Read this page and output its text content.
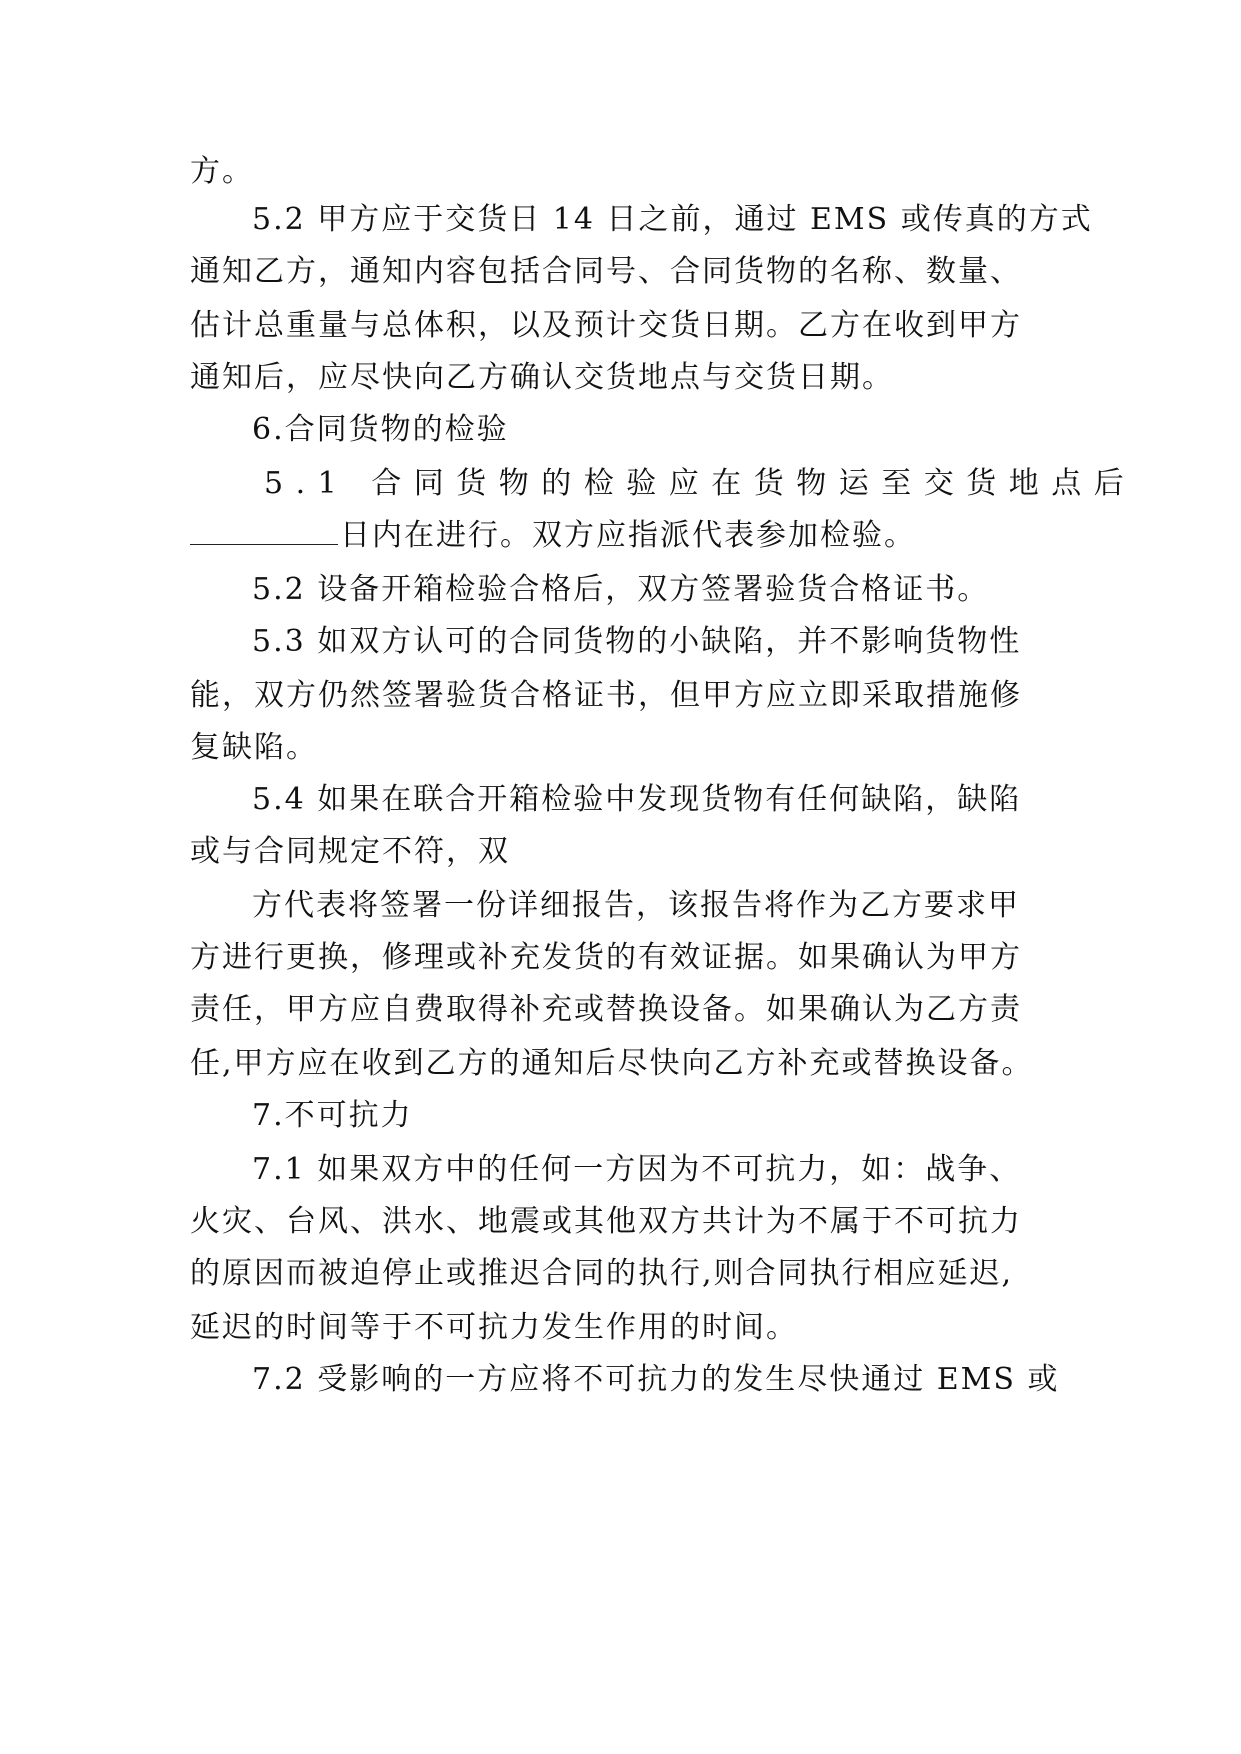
方。
5.2 甲方应于交货日 14 日之前，通过 EMS 或传真的方式
通知乙方，通知内容包括合同号、合同货物的名称、数量、
估计总重量与总体积，以及预计交货日期。乙方在收到甲方
通知后，应尽快向乙方确认交货地点与交货日期。
6.合同货物的检验
5.1 合同货物的检验应在货物运至交货地点后
日内在进行。双方应指派代表参加检验。
5.2 设备开箱检验合格后，双方签署验货合格证书。
5.3 如双方认可的合同货物的小缺陷，并不影响货物性
能，双方仍然签署验货合格证书，但甲方应立即采取措施修
复缺陷。
5.4 如果在联合开箱检验中发现货物有任何缺陷，缺陷
或与合同规定不符，双
方代表将签署一份详细报告，该报告将作为乙方要求甲
方进行更换，修理或补充发货的有效证据。如果确认为甲方
责任，甲方应自费取得补充或替换设备。如果确认为乙方责
任,甲方应在收到乙方的通知后尽快向乙方补充或替换设备。
7.不可抗力
7.1 如果双方中的任何一方因为不可抗力，如：战争、
火灾、台风、洪水、地震或其他双方共计为不属于不可抗力
的原因而被迫停止或推迟合同的执行,则合同执行相应延迟,
延迟的时间等于不可抗力发生作用的时间。
7.2 受影响的一方应将不可抗力的发生尽快通过 EMS 或
